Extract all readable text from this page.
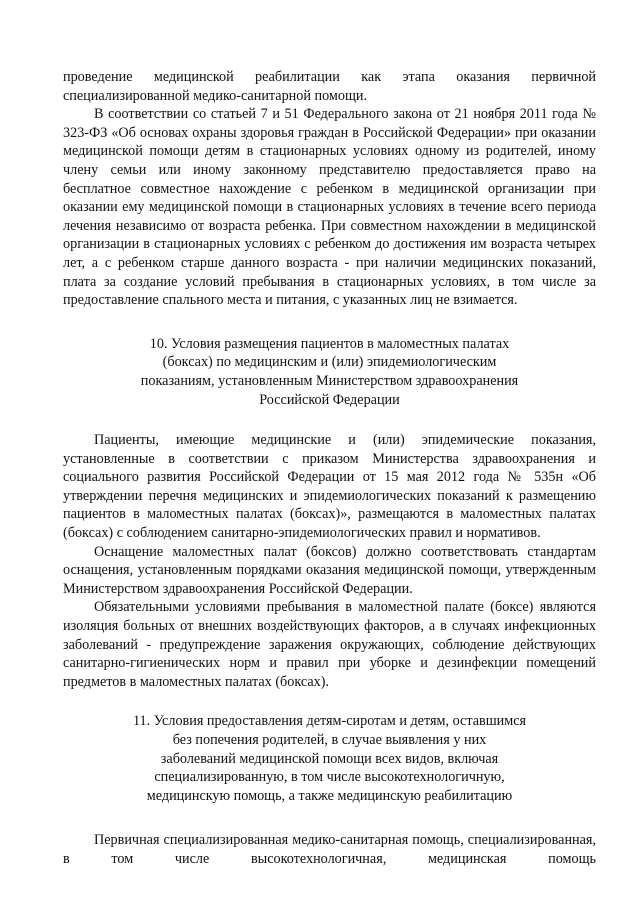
проведение медицинской реабилитации как этапа оказания первичной специализированной медико-санитарной помощи.

В соответствии со статьей 7 и 51 Федерального закона от 21 ноября 2011 года № 323-ФЗ «Об основах охраны здоровья граждан в Российской Федерации» при оказании медицинской помощи детям в стационарных условиях одному из родителей, иному члену семьи или иному законному представителю предоставляется право на бесплатное совместное нахождение с ребенком в медицинской организации при оказании ему медицинской помощи в стационарных условиях в течение всего периода лечения независимо от возраста ребенка. При совместном нахождении в медицинской организации в стационарных условиях с ребенком до достижения им возраста четырех лет, а с ребенком старше данного возраста - при наличии медицинских показаний, плата за создание условий пребывания в стационарных условиях, в том числе за предоставление спального места и питания, с указанных лиц не взимается.

10. Условия размещения пациентов в маломестных палатах
(боксах) по медицинским и (или) эпидемиологическим
показаниям, установленным Министерством здравоохранения
Российской Федерации

Пациенты, имеющие медицинские и (или) эпидемические показания, установленные в соответствии с приказом Министерства здравоохранения и социального развития Российской Федерации от 15 мая 2012 года № 535н «Об утверждении перечня медицинских и эпидемиологических показаний к размещению пациентов в маломестных палатах (боксах)», размещаются в маломестных палатах (боксах) с соблюдением санитарно-эпидемиологических правил и нормативов.

Оснащение маломестных палат (боксов) должно соответствовать стандартам оснащения, установленным порядками оказания медицинской помощи, утвержденным Министерством здравоохранения Российской Федерации.

Обязательными условиями пребывания в маломестной палате (боксе) являются изоляция больных от внешних воздействующих факторов, а в случаях инфекционных заболеваний - предупреждение заражения окружающих, соблюдение действующих санитарно-гигиенических норм и правил при уборке и дезинфекции помещений предметов в маломестных палатах (боксах).

11. Условия предоставления детям-сиротам и детям, оставшимся
без попечения родителей, в случае выявления у них
заболеваний медицинской помощи всех видов, включая
специализированную, в том числе высокотехнологичную,
медицинскую помощь, а также медицинскую реабилитацию

Первичная специализированная медико-санитарная помощь, специализированная, в том числе высокотехнологичная, медицинская помощь
